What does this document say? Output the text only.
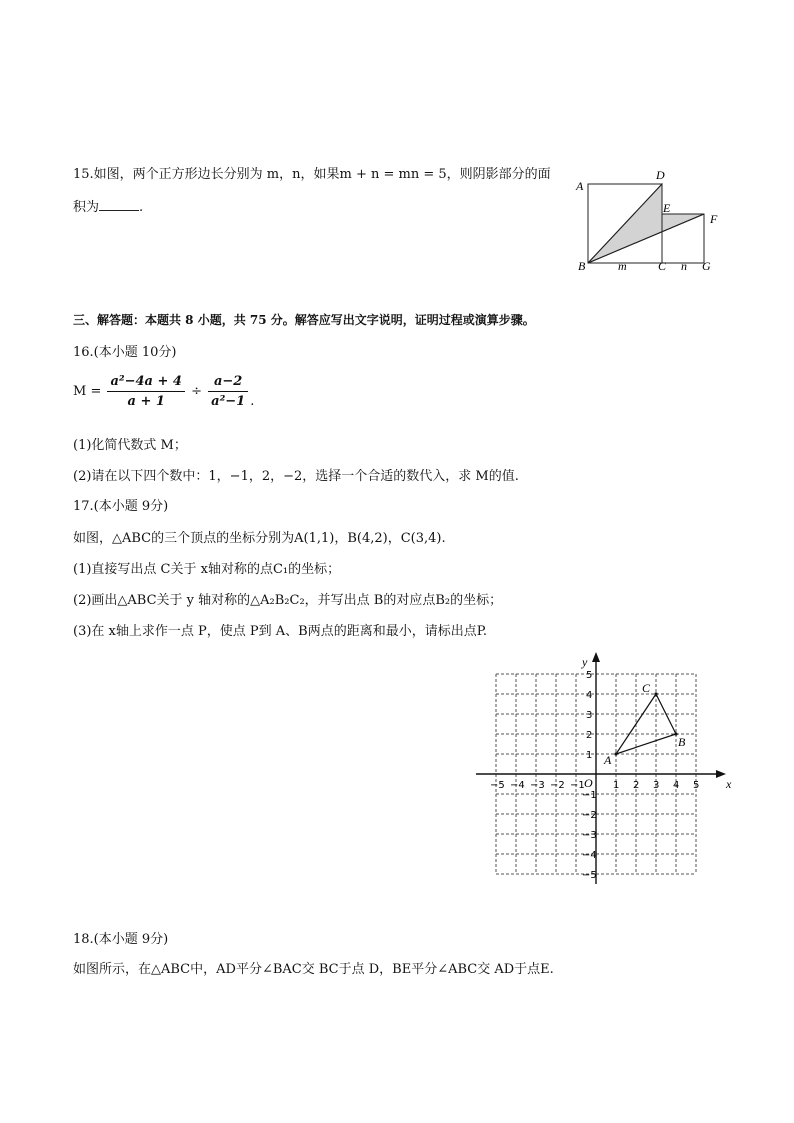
15.如图，两个正方形边长分别为 m，n，如果m + n = mn = 5，则阴影部分的面
积为	.
A
D
E
F
B	C	G
m	n
三、解答题：本题共 8 小题，共 75 分。解答应写出文字说明，证明过程或演算步骤。
16.(本小题 10分)
$M = \frac{\text{a²−4a + 4}}{a + 1} \div \frac{a-2}{\text{a²−1}}$ .
(1)化简代数式 M；
(2)请在以下四个数中：1，−1，2，−2，选择一个合适的数代入，求 M的值.
17.(本小题 9分)
如图，△ABC的三个顶点的坐标分别为A(1,1)，B(4,2)，C(3,4).
(1)直接写出点 C关于 x轴对称的点C₁的坐标；
(2)画出△ABC关于 y 轴对称的△A₂B₂C₂，并写出点 B的对应点B₂的坐标；
(3)在 x轴上求作一点 P，使点 P到 A、B两点的距离和最小，请标出点P.
x
y
O
−5 −4 −3 −2 −1	1 2 3 4 5
5
4
3
2
1
−1
−2
−3
−4
−5
A
B
C
18.(本小题 9分)
如图所示，在△ABC中，AD平分∠BAC交 BC于点 D，BE平分∠ABC交 AD于点E.
